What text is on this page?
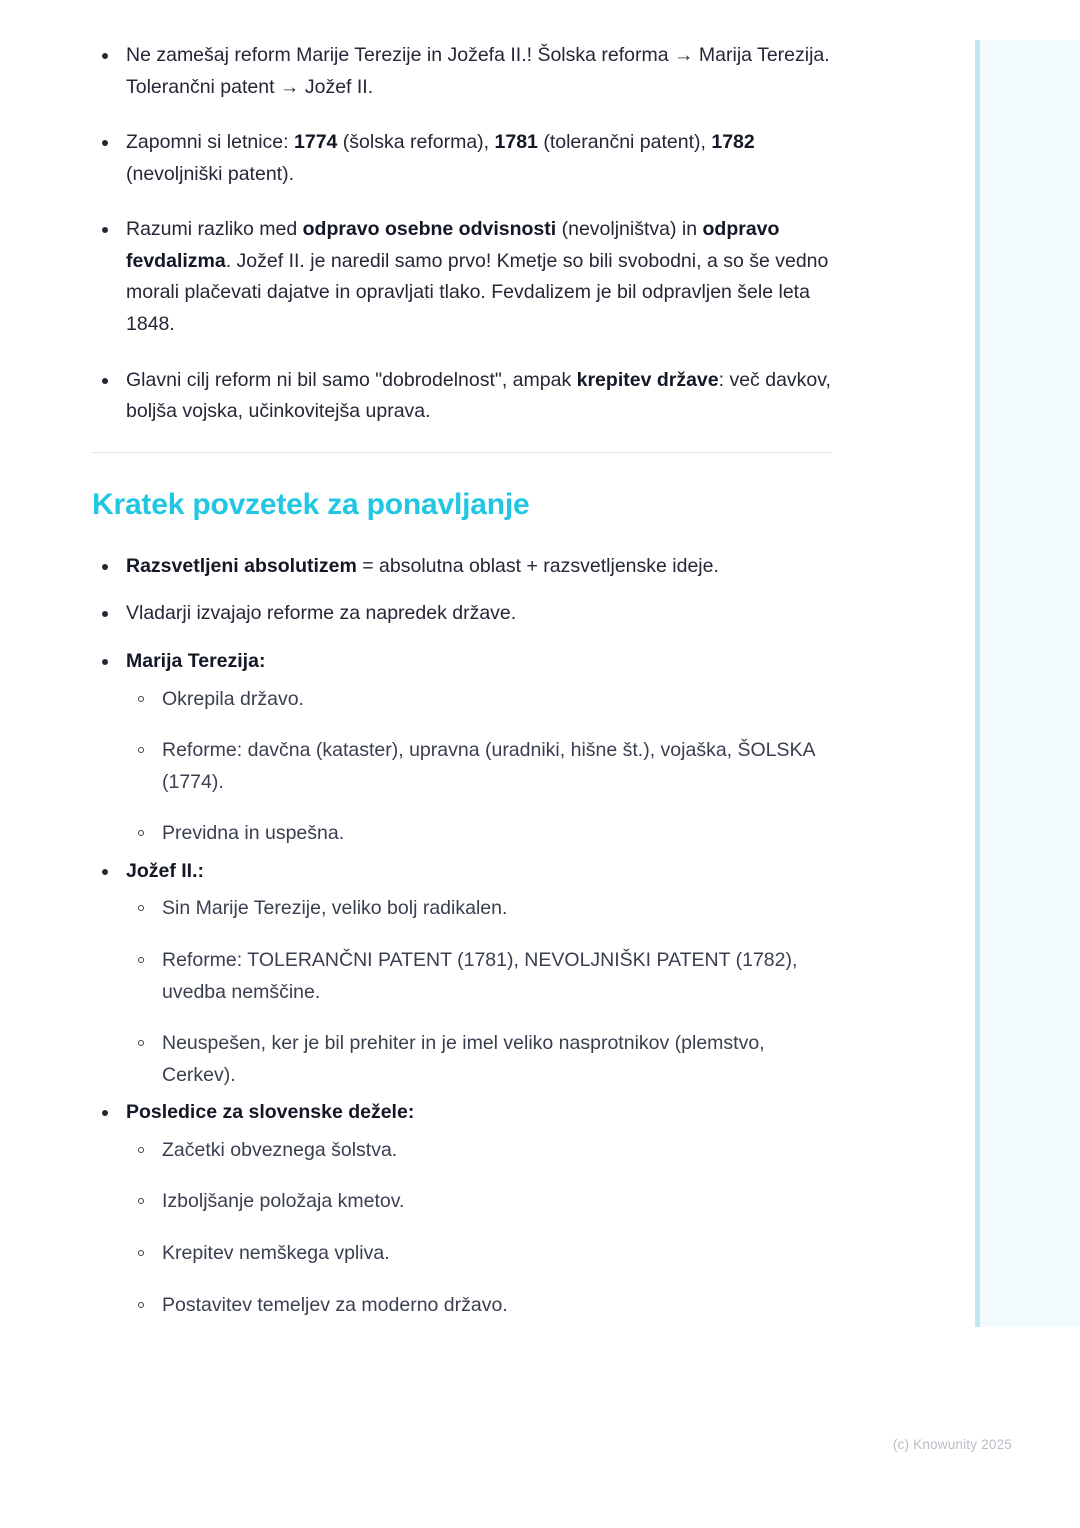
Ne zamešaj reform Marije Terezije in Jožefa II.! Šolska reforma → Marija Terezija. Tolerančni patent → Jožef II.
Zapomni si letnice: 1774 (šolska reforma), 1781 (tolerančni patent), 1782 (nevoljniški patent).
Razumi razliko med odpravo osebne odvisnosti (nevoljništva) in odpravo fevdalizma. Jožef II. je naredil samo prvo! Kmetje so bili svobodni, a so še vedno morali plačevati dajatve in opravljati tlako. Fevdalizem je bil odpravljen šele leta 1848.
Glavni cilj reform ni bil samo "dobrodelnost", ampak krepitev države: več davkov, boljša vojska, učinkovitejša uprava.
Kratek povzetek za ponavljanje
Razsvetljeni absolutizem = absolutna oblast + razsvetljenske ideje.
Vladarji izvajajo reforme za napredek države.
Marija Terezija:
Okrepila državo.
Reforme: davčna (kataster), upravna (uradniki, hišne št.), vojaška, ŠOLSKA (1774).
Previdna in uspešna.
Jožef II.:
Sin Marije Terezije, veliko bolj radikalen.
Reforme: TOLERANČNI PATENT (1781), NEVOLJNIŠKI PATENT (1782), uvedba nemščine.
Neuspešen, ker je bil prehiter in je imel veliko nasprotnikov (plemstvo, Cerkev).
Posledice za slovenske dežele:
Začetki obveznega šolstva.
Izboljšanje položaja kmetov.
Krepitev nemškega vpliva.
Postavitev temeljev za moderno državo.
(c) Knowunity 2025
